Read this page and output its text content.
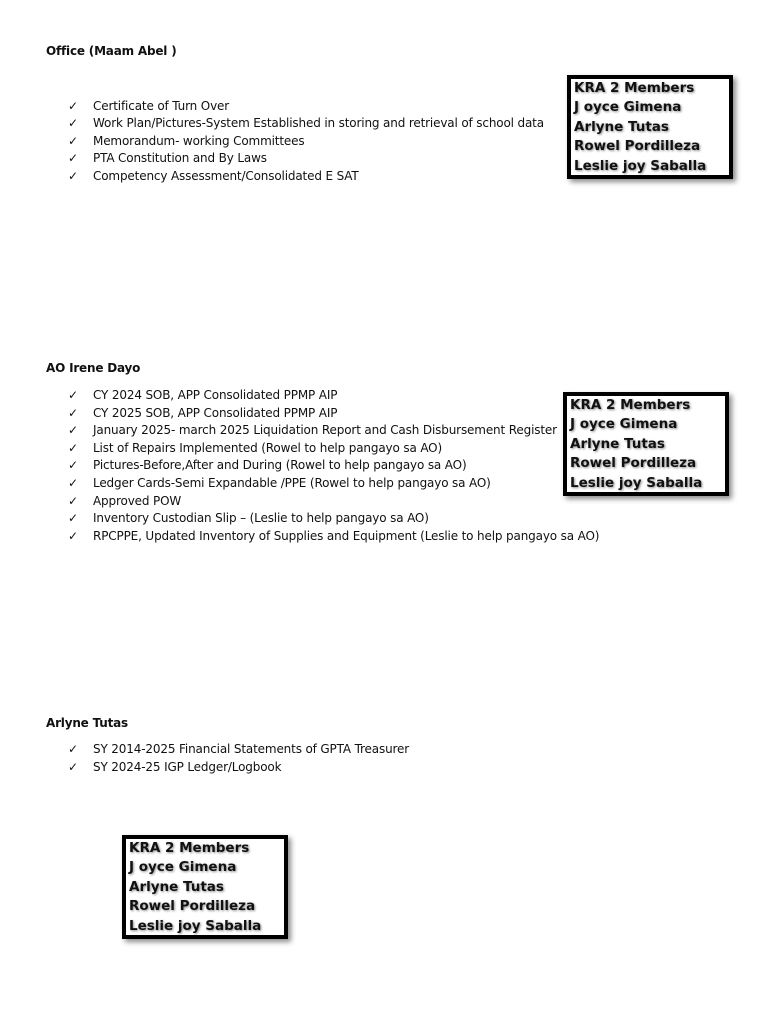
Office (Maam Abel )
✓ Certificate of Turn Over
✓ Work Plan/Pictures-System Established in storing and retrieval of school data
✓ Memorandum- working Committees
✓ PTA Constitution and By Laws
✓ Competency Assessment/Consolidated E SAT
KRA 2 Members
J oyce Gimena
Arlyne Tutas
Rowel Pordilleza
Leslie joy Saballa
AO Irene Dayo
✓ CY 2024 SOB, APP Consolidated PPMP AIP
✓ CY 2025 SOB, APP Consolidated PPMP AIP
✓ January 2025- march 2025 Liquidation Report and Cash Disbursement Register
✓ List of Repairs Implemented (Rowel to help pangayo sa AO)
✓ Pictures-Before,After and During (Rowel to help pangayo sa AO)
✓ Ledger Cards-Semi Expandable /PPE (Rowel to help pangayo sa AO)
✓ Approved POW
✓ Inventory Custodian Slip – (Leslie to help pangayo sa AO)
✓ RPCPPE, Updated Inventory of Supplies and Equipment (Leslie to help pangayo sa AO)
KRA 2 Members
J oyce Gimena
Arlyne Tutas
Rowel Pordilleza
Leslie joy Saballa
Arlyne Tutas
✓ SY 2014-2025 Financial Statements of GPTA Treasurer
✓ SY 2024-25 IGP Ledger/Logbook
KRA 2 Members
J oyce Gimena
Arlyne Tutas
Rowel Pordilleza
Leslie joy Saballa
